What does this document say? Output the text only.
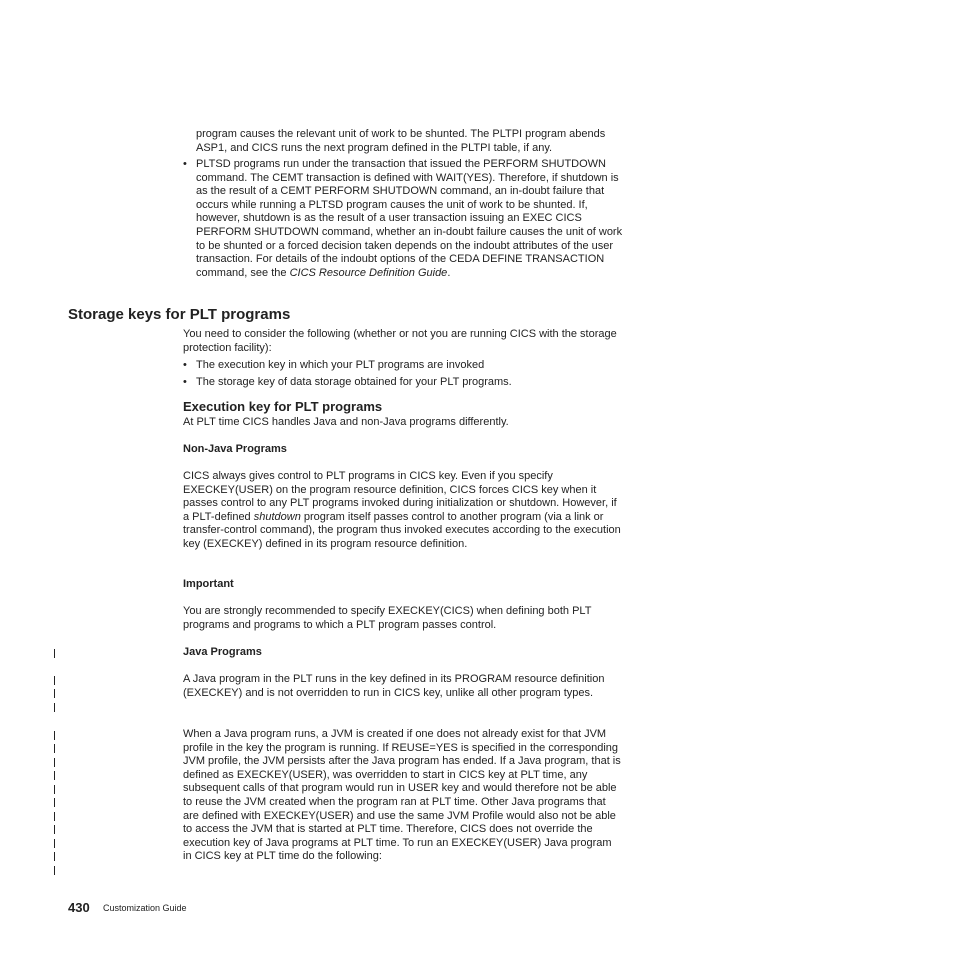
program causes the relevant unit of work to be shunted. The PLTPI program abends ASP1, and CICS runs the next program defined in the PLTPI table, if any.

• PLTSD programs run under the transaction that issued the PERFORM SHUTDOWN command. The CEMT transaction is defined with WAIT(YES). Therefore, if shutdown is as the result of a CEMT PERFORM SHUTDOWN command, an in-doubt failure that occurs while running a PLTSD program causes the unit of work to be shunted. If, however, shutdown is as the result of a user transaction issuing an EXEC CICS PERFORM SHUTDOWN command, whether an in-doubt failure causes the unit of work to be shunted or a forced decision taken depends on the indoubt attributes of the user transaction. For details of the indoubt options of the CEDA DEFINE TRANSACTION command, see the CICS Resource Definition Guide.
Storage keys for PLT programs

You need to consider the following (whether or not you are running CICS with the storage protection facility):

• The execution key in which your PLT programs are invoked
• The storage key of data storage obtained for your PLT programs.
Execution key for PLT programs

At PLT time CICS handles Java and non-Java programs differently.

Non-Java Programs

CICS always gives control to PLT programs in CICS key. Even if you specify EXECKEY(USER) on the program resource definition, CICS forces CICS key when it passes control to any PLT programs invoked during initialization or shutdown. However, if a PLT-defined shutdown program itself passes control to another program (via a link or transfer-control command), the program thus invoked executes according to the execution key (EXECKEY) defined in its program resource definition.

Important

You are strongly recommended to specify EXECKEY(CICS) when defining both PLT programs and programs to which a PLT program passes control.

Java Programs

A Java program in the PLT runs in the key defined in its PROGRAM resource definition (EXECKEY) and is not overridden to run in CICS key, unlike all other program types.

When a Java program runs, a JVM is created if one does not already exist for that JVM profile in the key the program is running. If REUSE=YES is specified in the corresponding JVM profile, the JVM persists after the Java program has ended. If a Java program, that is defined as EXECKEY(USER), was overridden to start in CICS key at PLT time, any subsequent calls of that program would run in USER key and would therefore not be able to reuse the JVM created when the program ran at PLT time. Other Java programs that are defined with EXECKEY(USER) and use the same JVM Profile would also not be able to access the JVM that is started at PLT time. Therefore, CICS does not override the execution key of Java programs at PLT time. To run an EXECKEY(USER) Java program in CICS key at PLT time do the following:

430 Customization Guide
